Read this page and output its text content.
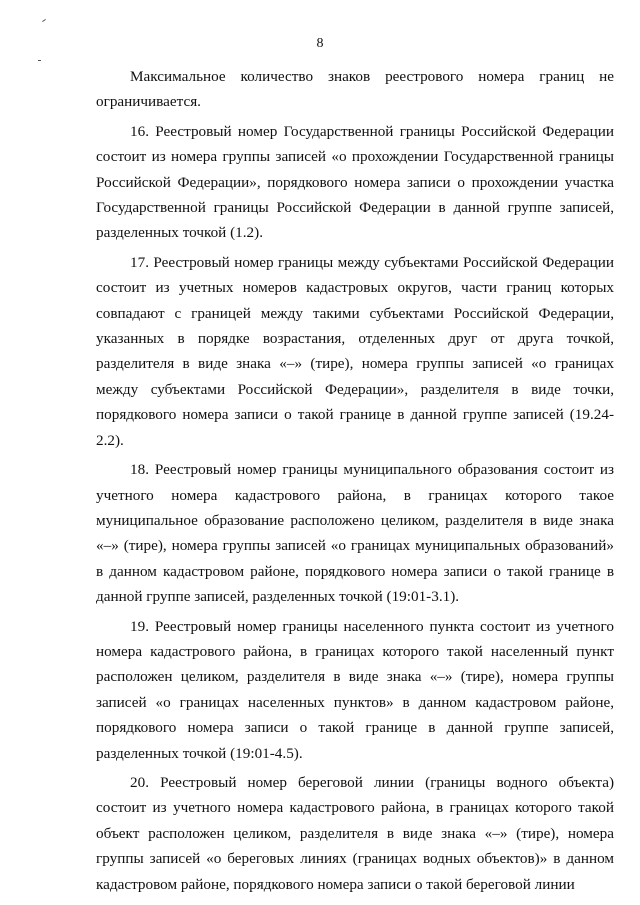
8

Максимальное количество знаков реестрового номера границ не ограничивается.

16. Реестровый номер Государственной границы Российской Федерации состоит из номера группы записей «о прохождении Государственной границы Российской Федерации», порядкового номера записи о прохождении участка Государственной границы Российской Федерации в данной группе записей, разделенных точкой (1.2).

17. Реестровый номер границы между субъектами Российской Федерации состоит из учетных номеров кадастровых округов, части границ которых совпадают с границей между такими субъектами Российской Федерации, указанных в порядке возрастания, отделенных друг от друга точкой, разделителя в виде знака «–» (тире), номера группы записей «о границах между субъектами Российской Федерации», разделителя в виде точки, порядкового номера записи о такой границе в данной группе записей (19.24-2.2).

18. Реестровый номер границы муниципального образования состоит из учетного номера кадастрового района, в границах которого такое муниципальное образование расположено целиком, разделителя в виде знака «–» (тире), номера группы записей «о границах муниципальных образований» в данном кадастровом районе, порядкового номера записи о такой границе в данной группе записей, разделенных точкой (19:01-3.1).

19. Реестровый номер границы населенного пункта состоит из учетного номера кадастрового района, в границах которого такой населенный пункт расположен целиком, разделителя в виде знака «–» (тире), номера группы записей «о границах населенных пунктов» в данном кадастровом районе, порядкового номера записи о такой границе в данной группе записей, разделенных точкой (19:01-4.5).

20. Реестровый номер береговой линии (границы водного объекта) состоит из учетного номера кадастрового района, в границах которого такой объект расположен целиком, разделителя в виде знака «–» (тире), номера группы записей «о береговых линиях (границах водных объектов)» в данном кадастровом районе, порядкового номера записи о такой береговой линии
